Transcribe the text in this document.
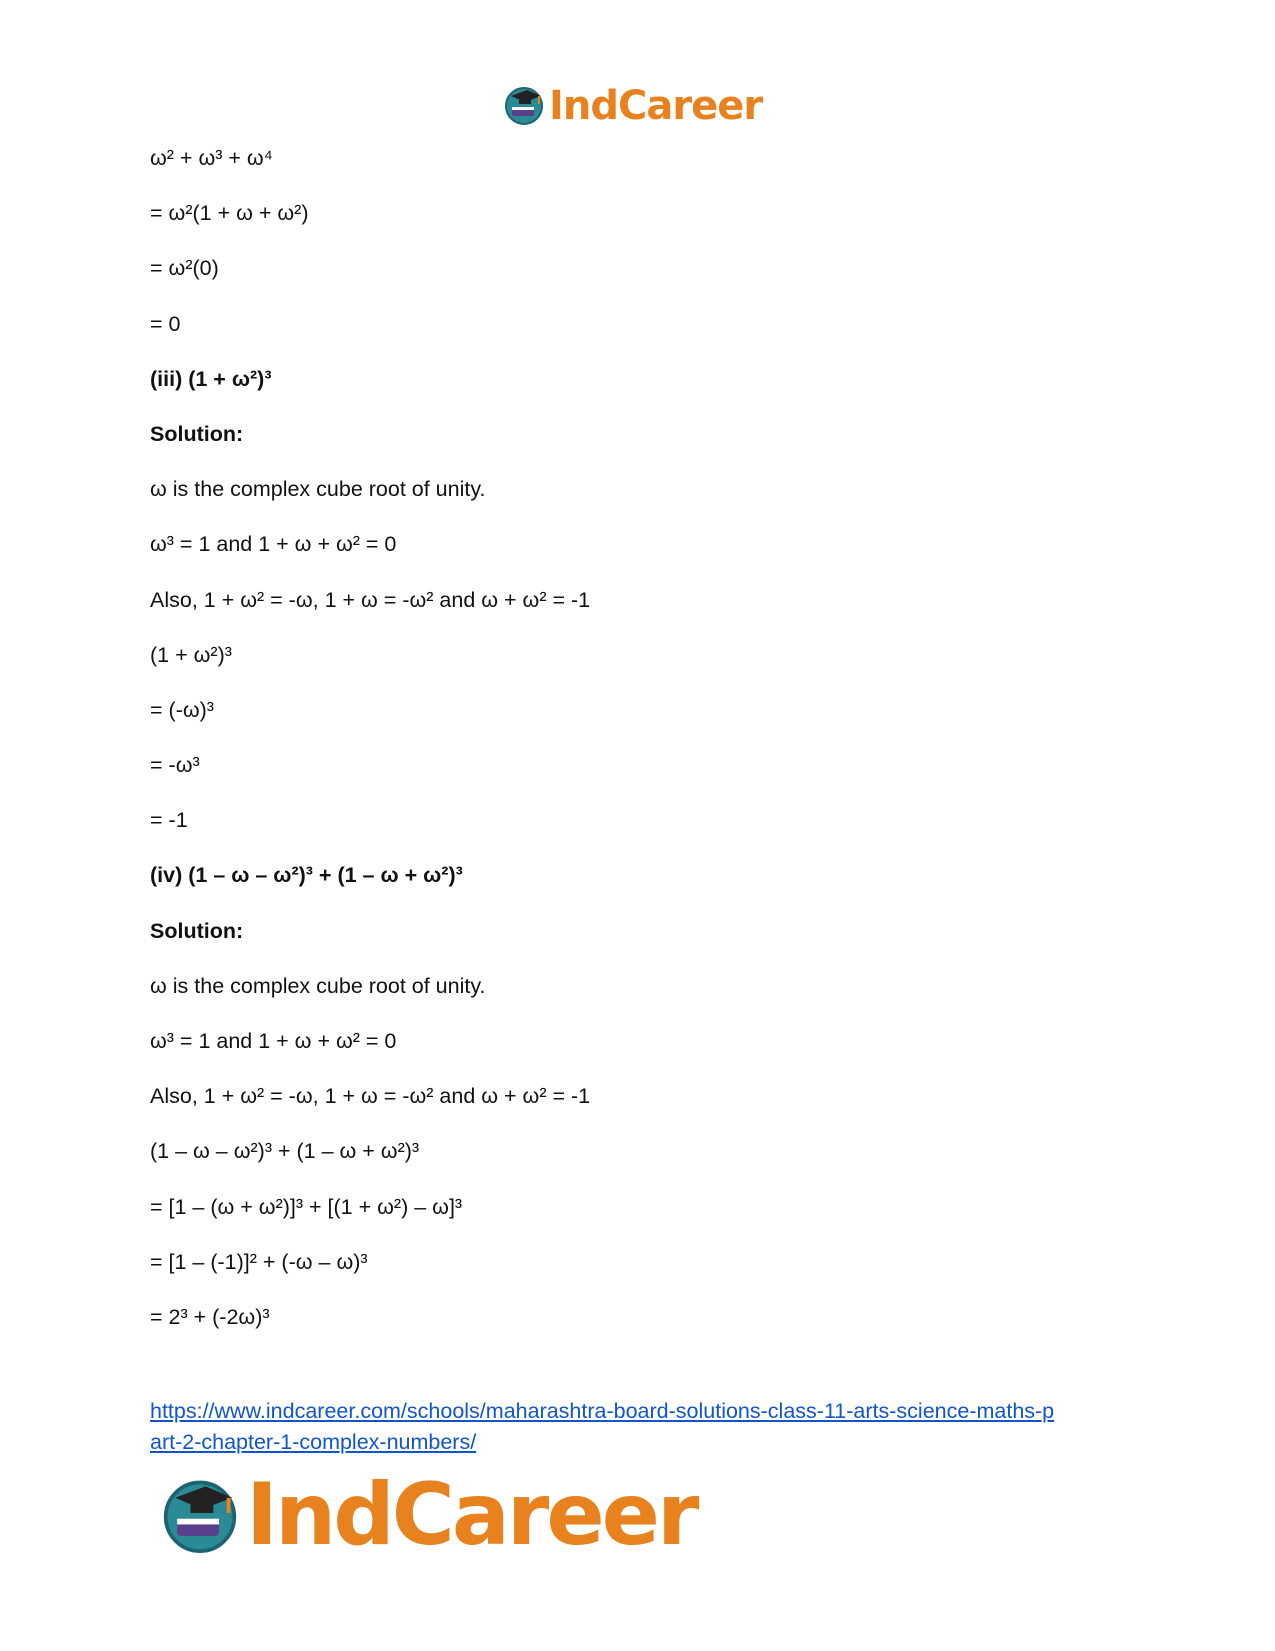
IndCareer

ω² + ω³ + ω⁴

= ω²(1 + ω + ω²)

= ω²(0)

= 0

(iii) (1 + ω²)³

Solution:

ω is the complex cube root of unity.

ω³ = 1 and 1 + ω + ω² = 0

Also, 1 + ω² = -ω, 1 + ω = -ω² and ω + ω² = -1

(1 + ω²)³

= (-ω)³

= -ω³

= -1

(iv) (1 – ω – ω²)³ + (1 – ω + ω²)³

Solution:

ω is the complex cube root of unity.

ω³ = 1 and 1 + ω + ω² = 0

Also, 1 + ω² = -ω, 1 + ω = -ω² and ω + ω² = -1

(1 – ω – ω²)³ + (1 – ω + ω²)³

= [1 – (ω + ω²)]³ + [(1 + ω²) – ω]³

= [1 – (-1)]² + (-ω – ω)³

= 2³ + (-2ω)³

https://www.indcareer.com/schools/maharashtra-board-solutions-class-11-arts-science-maths-p
art-2-chapter-1-complex-numbers/
IndCareer
